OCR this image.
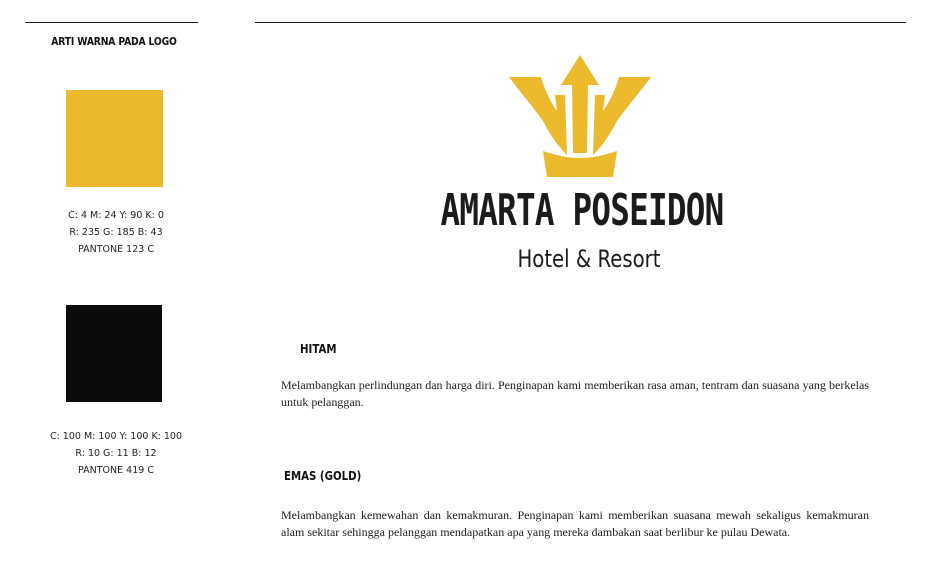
ARTI WARNA PADA LOGO
C: 4 M: 24 Y: 90 K: 0
R: 235 G: 185 B: 43
PANTONE 123 C
C: 100 M: 100 Y: 100 K: 100
R: 10 G: 11 B: 12
PANTONE 419 C
AMARTA POSEIDON
Hotel & Resort
HITAM
Melambangkan perlindungan dan harga diri. Penginapan kami memberikan rasa aman, tentram dan suasana yang berkelas untuk pelanggan.
EMAS (GOLD)
Melambangkan kemewahan dan kemakmuran. Penginapan kami memberikan suasana mewah sekaligus kemakmuran alam sekitar sehingga pelanggan mendapatkan apa yang mereka dambakan saat berlibur ke pulau Dewata.
